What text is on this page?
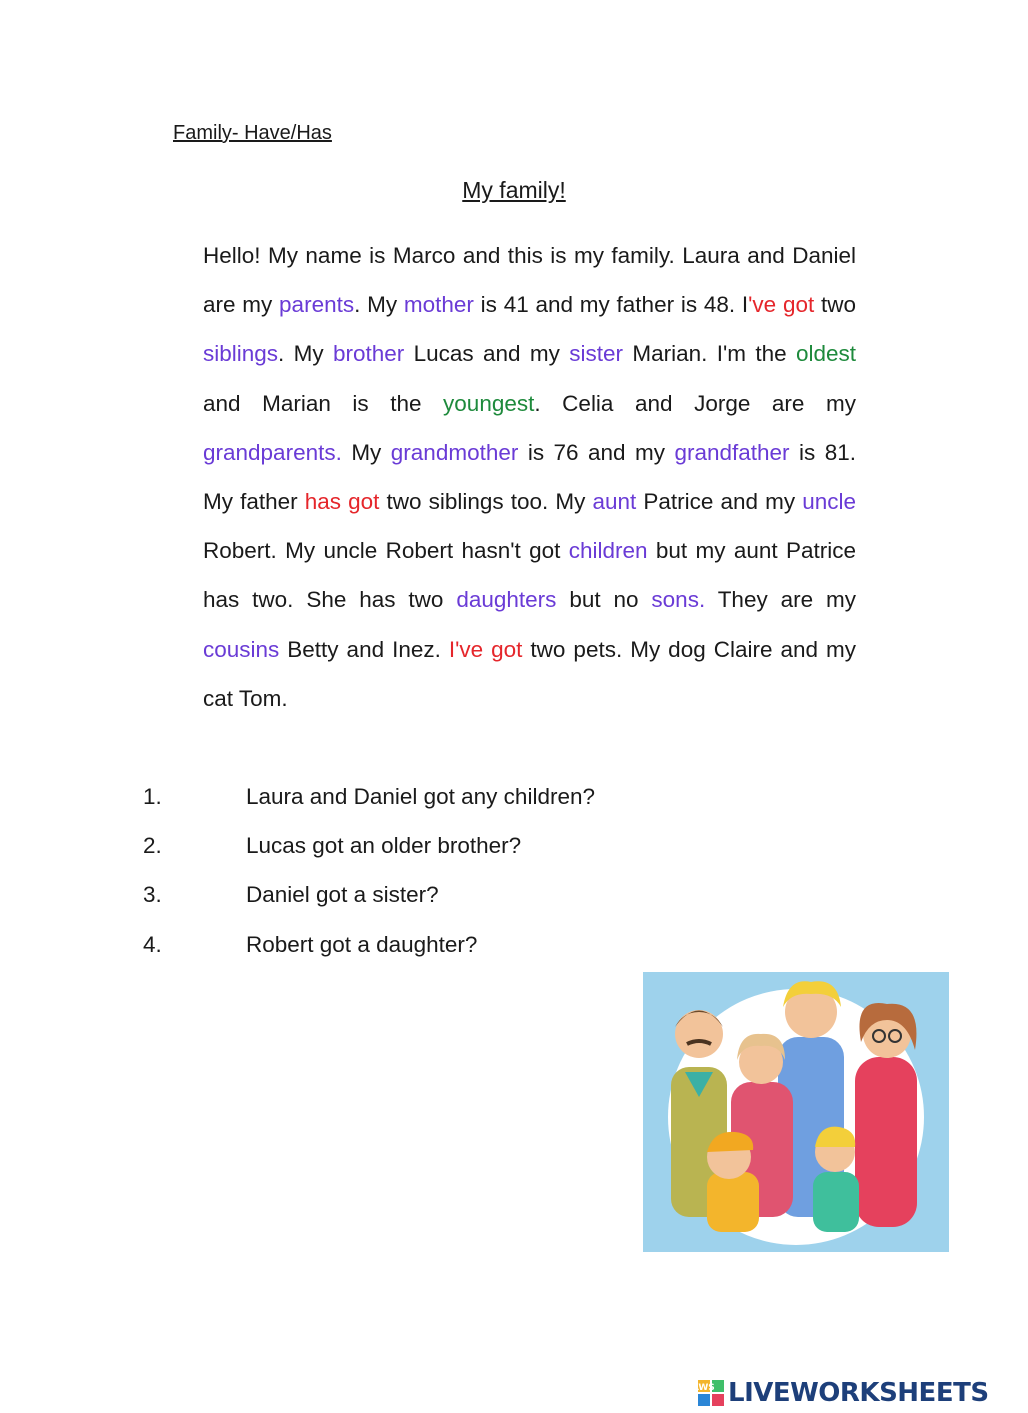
Family- Have/Has
My family!

Hello! My name is Marco and this is my family. Laura and Daniel are my parents. My mother is 41 and my father is 48. I've got two siblings. My brother Lucas and my sister Marian. I'm the oldest and Marian is the youngest. Celia and Jorge are my grandparents. My grandmother is 76 and my grandfather is 81. My father has got two siblings too. My aunt Patrice and my uncle Robert. My uncle Robert hasn't got children but my aunt Patrice has two. She has two daughters but no sons. They are my cousins Betty and Inez. I've got two pets. My dog Claire and my cat Tom.

1.	Laura and Daniel got any children?
2.	Lucas got an older brother?
3.	Daniel got a sister?
4.	Robert got a daughter?
LWS LIVEWORKSHEETS
